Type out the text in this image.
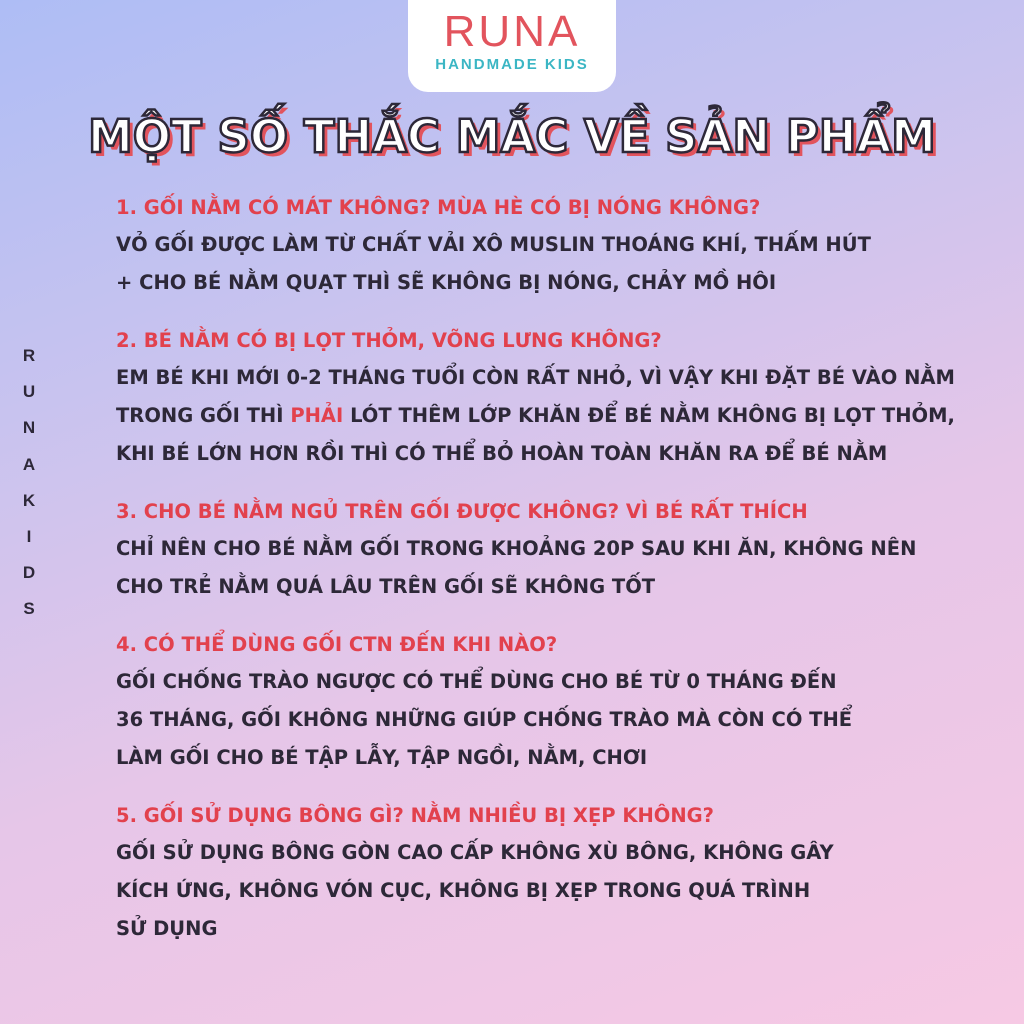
RUNA
HANDMADE KIDS
MỘT SỐ THẮC MẮC VỀ SẢN PHẨM
R
U
N
A
K
I
D
S
1. GỐI NẰM CÓ MÁT KHÔNG? MÙA HÈ CÓ BỊ NÓNG KHÔNG?
VỎ GỐI ĐƯỢC LÀM TỪ CHẤT VẢI XÔ MUSLIN THOÁNG KHÍ, THẤM HÚT
+ CHO BÉ NẰM QUẠT THÌ SẼ KHÔNG BỊ NÓNG, CHẢY MỒ HÔI
2. BÉ NẰM CÓ BỊ LỌT THỎM, VÕNG LƯNG KHÔNG?
EM BÉ KHI MỚI 0-2 THÁNG TUỔI CÒN RẤT NHỎ, VÌ VẬY KHI ĐẶT BÉ VÀO NẰM
TRONG GỐI THÌ PHẢI LÓT THÊM LỚP KHĂN ĐỂ BÉ NẰM KHÔNG BỊ LỌT THỎM,
KHI BÉ LỚN HƠN RỒI THÌ CÓ THỂ BỎ HOÀN TOÀN KHĂN RA ĐỂ BÉ NẰM
3. CHO BÉ NẰM NGỦ TRÊN GỐI ĐƯỢC KHÔNG? VÌ BÉ RẤT THÍCH
CHỈ NÊN CHO BÉ NẰM GỐI TRONG KHOẢNG 20P SAU KHI ĂN, KHÔNG NÊN
CHO TRẺ NẰM QUÁ LÂU TRÊN GỐI SẼ KHÔNG TỐT
4. CÓ THỂ DÙNG GỐI CTN ĐẾN KHI NÀO?
GỐI CHỐNG TRÀO NGƯỢC CÓ THỂ DÙNG CHO BÉ TỪ 0 THÁNG ĐẾN
36 THÁNG, GỐI KHÔNG NHỮNG GIÚP CHỐNG TRÀO MÀ CÒN CÓ THỂ
LÀM GỐI CHO BÉ TẬP LẪY, TẬP NGỒI, NẰM, CHƠI
5. GỐI SỬ DỤNG BÔNG GÌ? NẰM NHIỀU BỊ XẸP KHÔNG?
GỐI SỬ DỤNG BÔNG GÒN CAO CẤP KHÔNG XÙ BÔNG, KHÔNG GÂY
KÍCH ỨNG, KHÔNG VÓN CỤC, KHÔNG BỊ XẸP TRONG QUÁ TRÌNH
SỬ DỤNG
